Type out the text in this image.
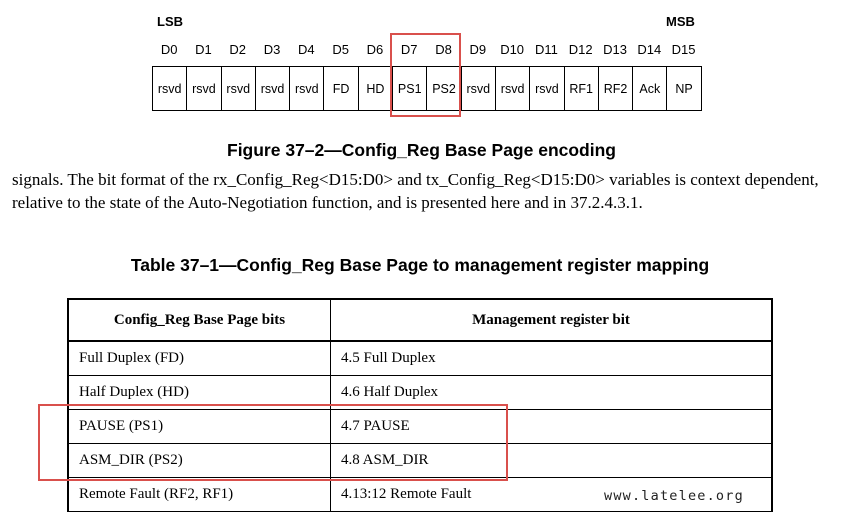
LSB	MSB
D0	D1	D2	D3	D4	D5	D6	D7	D8	D9	D10 D11 D12 D13 D14 D15
rsvd rsvd rsvd rsvd rsvd	FD	HD	PS1 PS2 rsvd rsvd rsvd RF1 RF2 Ack	NP
Figure 37–2—Config_Reg Base Page encoding
signals. The bit format of the rx_Config_Reg<D15:D0> and tx_Config_Reg<D15:D0> variables is context dependent, relative to the state of the Auto-Negotiation function, and is presented here and in 37.2.4.3.1.
Table 37–1—Config_Reg Base Page to management register mapping
Config_Reg Base Page bits	Management register bit
Full Duplex (FD)	4.5 Full Duplex
Half Duplex (HD)	4.6 Half Duplex
PAUSE (PS1)	4.7 PAUSE
ASM_DIR (PS2)	4.8 ASM_DIR
Remote Fault (RF2, RF1)	4.13:12 Remote Fault	www.latelee.org
